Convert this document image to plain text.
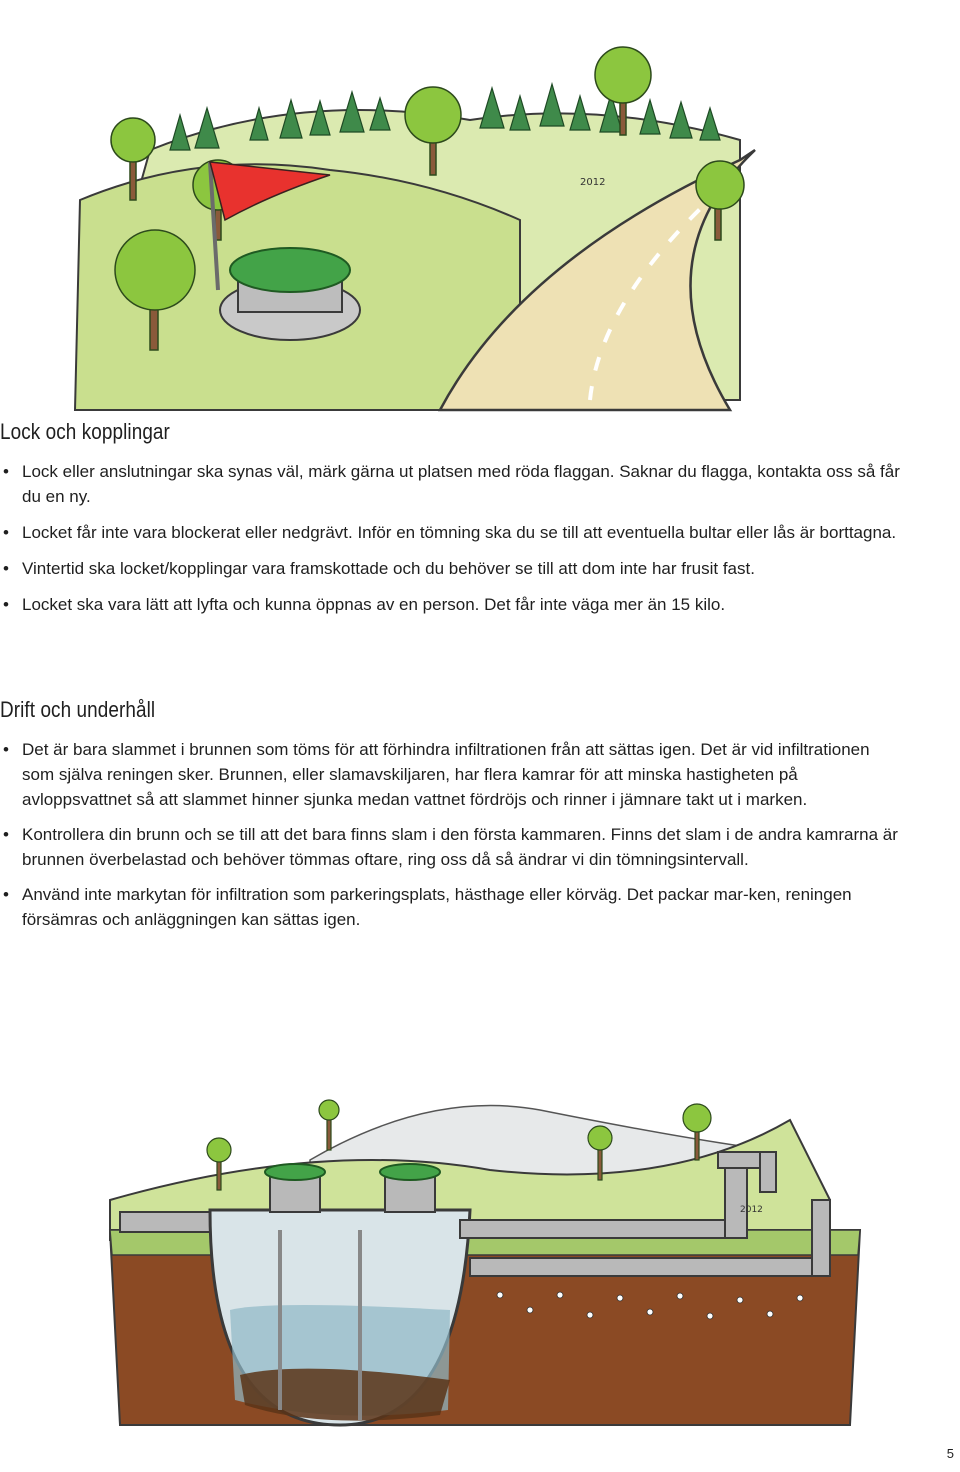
2012
Lock och kopplingar
• Lock eller anslutningar ska synas väl, märk gärna ut platsen med röda flaggan. Saknar du flagga, kontakta oss så får du en ny.
• Locket får inte vara blockerat eller nedgrävt. Inför en tömning ska du se till att eventuella bultar eller lås är borttagna.
• Vintertid ska locket/kopplingar vara framskottade och du behöver se till att dom inte har frusit fast.
• Locket ska vara lätt att lyfta och kunna öppnas av en person. Det får inte väga mer än 15 kilo.
Drift och underhåll
• Det är bara slammet i brunnen som töms för att förhindra infiltrationen från att sättas igen. Det är vid infiltrationen som själva reningen sker. Brunnen, eller slamavskiljaren, har flera kamrar för att minska hastigheten på avloppsvattnet så att slammet hinner sjunka medan vattnet fördröjs och rinner i jämnare takt ut i marken.
• Kontrollera din brunn och se till att det bara finns slam i den första kammaren. Finns det slam i de andra kamrarna är brunnen överbelastad och behöver tömmas oftare, ring oss då så ändrar vi din tömningsintervall.
• Använd inte markytan för infiltration som parkeringsplats, hästhage eller körväg. Det packar mar-ken, reningen försämras och anläggningen kan sättas igen.
2012
5
